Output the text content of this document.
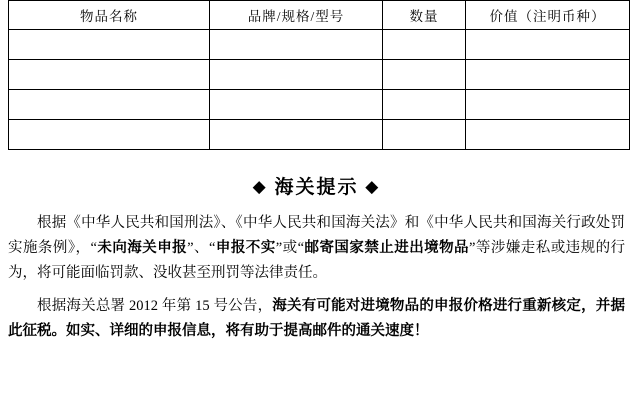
物品名称	品牌/规格/型号	数量	价值（注明币种）

◆ 海关提示 ◆

根据《中华人民共和国刑法》、《中华人民共和国海关法》和《中华人民共和国海关行政处罚实施条例》，“未向海关申报”、“申报不实”或“邮寄国家禁止进出境物品”等涉嫌走私或违规的行为，将可能面临罚款、没收甚至刑罚等法律责任。

根据海关总署 2012 年第 15 号公告，海关有可能对进境物品的申报价格进行重新核定，并据此征税。如实、详细的申报信息，将有助于提高邮件的通关速度！
